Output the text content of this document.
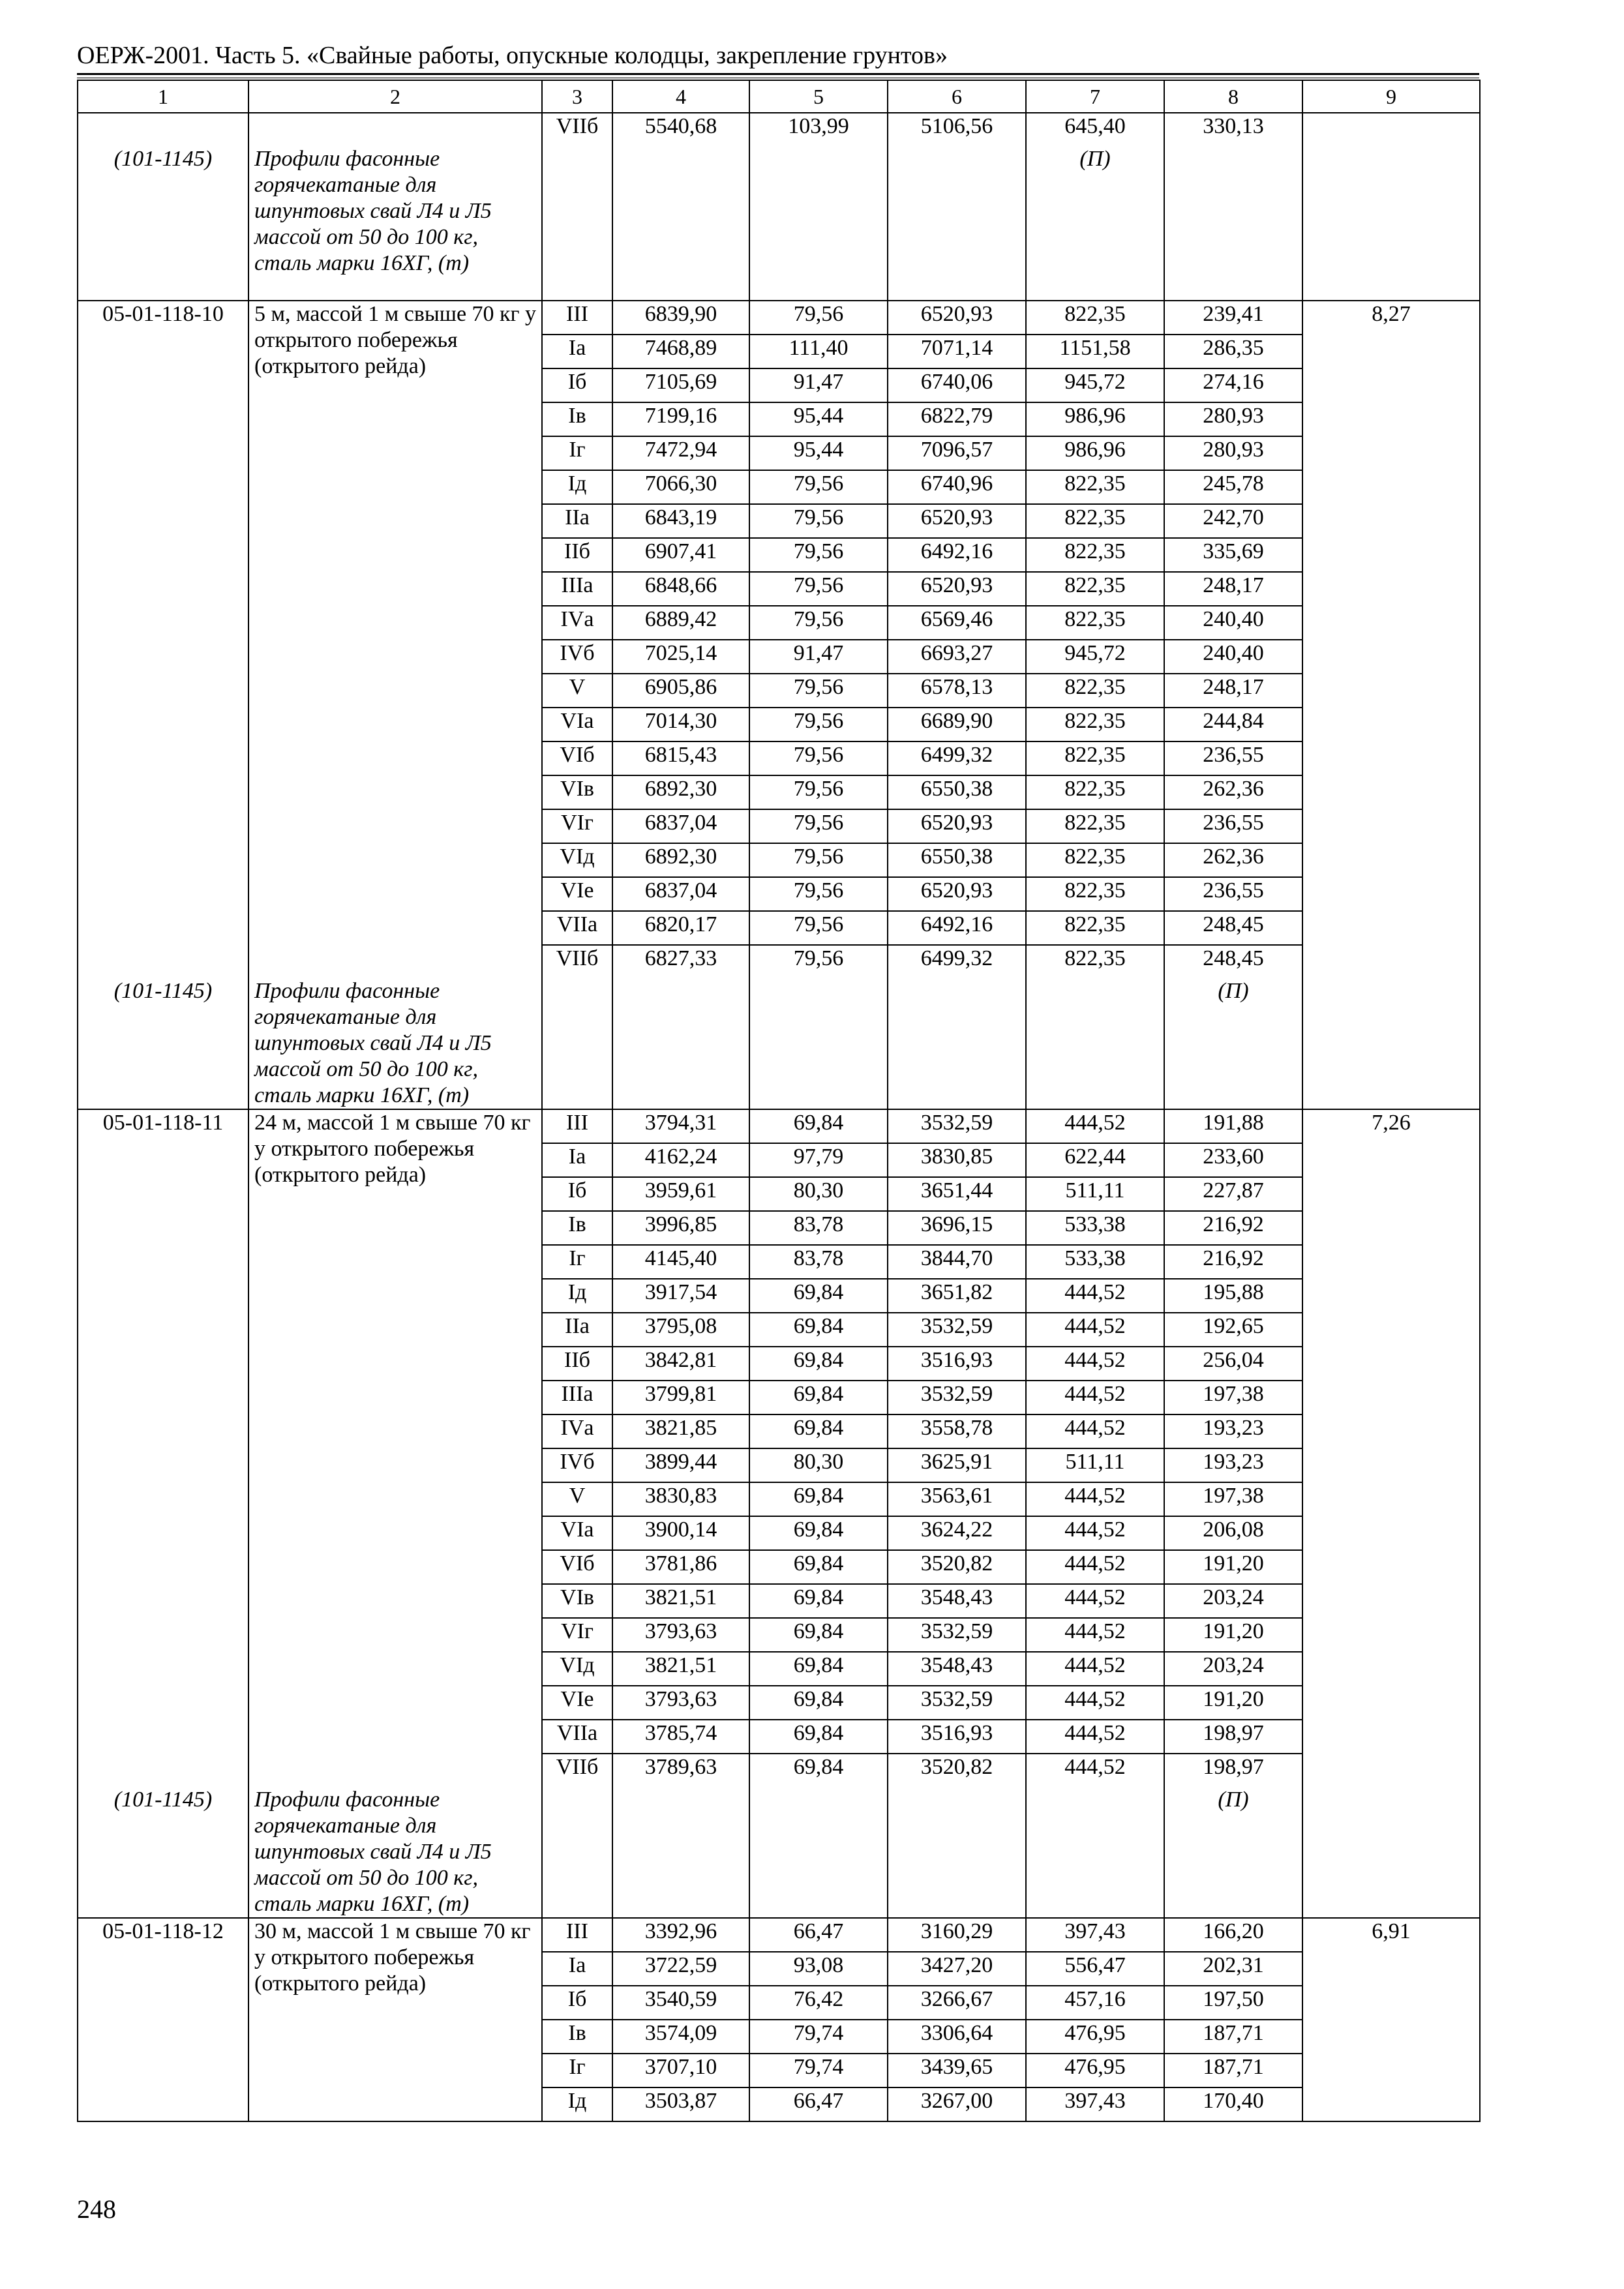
ОЕРЖ-2001. Часть 5. «Свайные работы, опускные колодцы, закрепление грунтов»
1	2	3	4	5	6	7	8	9
(101-1145)	Профили фасонные горячекатаные для шпунтовых свай Л4 и Л5 массой от 50 до 100 кг, сталь марки 16ХГ, (т)	VIIб	5540,68	103,99	5106,56	645,40	330,13	
						(П)		
05-01-118-10	5 м, массой 1 м свыше 70 кг у открытого побережья (открытого рейда)	III	6839,90	79,56	6520,93	822,35	239,41	8,27
		Iа	7468,89	111,40	7071,14	1151,58	286,35	
		Iб	7105,69	91,47	6740,06	945,72	274,16	
		Iв	7199,16	95,44	6822,79	986,96	280,93	
		Iг	7472,94	95,44	7096,57	986,96	280,93	
		Iд	7066,30	79,56	6740,96	822,35	245,78	
		IIа	6843,19	79,56	6520,93	822,35	242,70	
		IIб	6907,41	79,56	6492,16	822,35	335,69	
		IIIа	6848,66	79,56	6520,93	822,35	248,17	
		IVа	6889,42	79,56	6569,46	822,35	240,40	
		IVб	7025,14	91,47	6693,27	945,72	240,40	
		V	6905,86	79,56	6578,13	822,35	248,17	
		VIа	7014,30	79,56	6689,90	822,35	244,84	
		VIб	6815,43	79,56	6499,32	822,35	236,55	
		VIв	6892,30	79,56	6550,38	822,35	262,36	
		VIг	6837,04	79,56	6520,93	822,35	236,55	
		VIд	6892,30	79,56	6550,38	822,35	262,36	
		VIе	6837,04	79,56	6520,93	822,35	236,55	
		VIIа	6820,17	79,56	6492,16	822,35	248,45	
		VIIб	6827,33	79,56	6499,32	822,35	248,45	
(101-1145)	Профили фасонные горячекатаные для шпунтовых свай Л4 и Л5 массой от 50 до 100 кг, сталь марки 16ХГ, (т)						(П)	
05-01-118-11	24 м, массой 1 м свыше 70 кг у открытого побережья (открытого рейда)	III	3794,31	69,84	3532,59	444,52	191,88	7,26
		Iа	4162,24	97,79	3830,85	622,44	233,60	
		Iб	3959,61	80,30	3651,44	511,11	227,87	
		Iв	3996,85	83,78	3696,15	533,38	216,92	
		Iг	4145,40	83,78	3844,70	533,38	216,92	
		Iд	3917,54	69,84	3651,82	444,52	195,88	
		IIа	3795,08	69,84	3532,59	444,52	192,65	
		IIб	3842,81	69,84	3516,93	444,52	256,04	
		IIIа	3799,81	69,84	3532,59	444,52	197,38	
		IVа	3821,85	69,84	3558,78	444,52	193,23	
		IVб	3899,44	80,30	3625,91	511,11	193,23	
		V	3830,83	69,84	3563,61	444,52	197,38	
		VIа	3900,14	69,84	3624,22	444,52	206,08	
		VIб	3781,86	69,84	3520,82	444,52	191,20	
		VIв	3821,51	69,84	3548,43	444,52	203,24	
		VIг	3793,63	69,84	3532,59	444,52	191,20	
		VIд	3821,51	69,84	3548,43	444,52	203,24	
		VIе	3793,63	69,84	3532,59	444,52	191,20	
		VIIа	3785,74	69,84	3516,93	444,52	198,97	
		VIIб	3789,63	69,84	3520,82	444,52	198,97	
(101-1145)	Профили фасонные горячекатаные для шпунтовых свай Л4 и Л5 массой от 50 до 100 кг, сталь марки 16ХГ, (т)						(П)	
05-01-118-12	30 м, массой 1 м свыше 70 кг у открытого побережья (открытого рейда)	III	3392,96	66,47	3160,29	397,43	166,20	6,91
		Iа	3722,59	93,08	3427,20	556,47	202,31	
		Iб	3540,59	76,42	3266,67	457,16	197,50	
		Iв	3574,09	79,74	3306,64	476,95	187,71	
		Iг	3707,10	79,74	3439,65	476,95	187,71	
		Iд	3503,87	66,47	3267,00	397,43	170,40	
248
